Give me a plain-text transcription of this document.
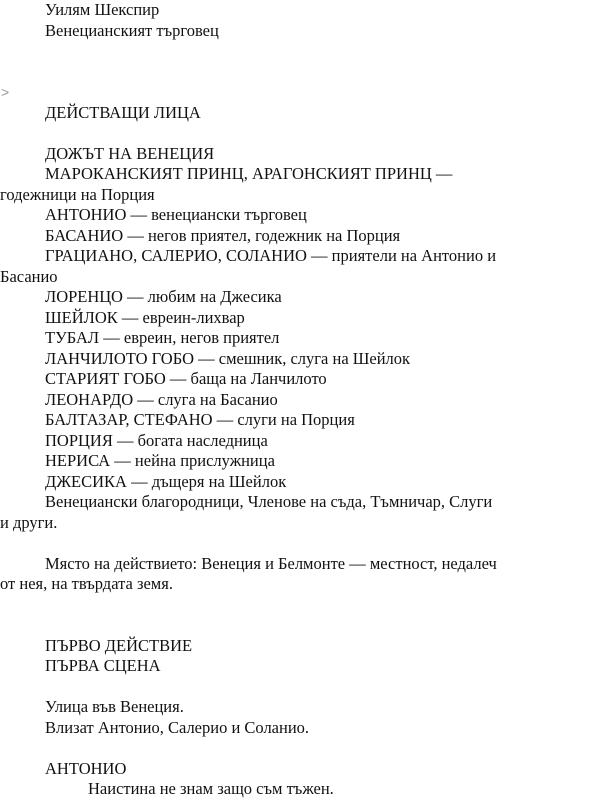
Уилям Шекспир
Венецианският търговец
>
ДЕЙСТВАЩИ ЛИЦА
ДОЖЪТ НА ВЕНЕЦИЯ
МАРОКАНСКИЯТ ПРИНЦ, АРАГОНСКИЯТ ПРИНЦ —
годежници на Порция
АНТОНИО — венециански търговец
БАСАНИО — негов приятел, годежник на Порция
ГРАЦИАНО, САЛЕРИО, СОЛАНИО — приятели на Антонио и
Басанио
ЛОРЕНЦО — любим на Джесика
ШЕЙЛОК — евреин-лихвар
ТУБАЛ — евреин, негов приятел
ЛАНЧИЛОТО ГОБО — смешник, слуга на Шейлок
СТАРИЯТ ГОБО — баща на Ланчилото
ЛЕОНАРДО — слуга на Басанио
БАЛТАЗАР, СТЕФАНО — слуги на Порция
ПОРЦИЯ — богата наследница
НЕРИСА — нейна прислужница
ДЖЕСИКА — дъщеря на Шейлок
Венециански благородници, Членове на съда, Тъмничар, Слуги
и други.
Място на действието: Венеция и Белмонте — местност, недалеч
от нея, на твърдата земя.
ПЪРВО ДЕЙСТВИЕ
ПЪРВА СЦЕНА
Улица във Венеция.
Влизат Антонио, Салерио и Соланио.
АНТОНИО
Наистина не знам защо съм тъжен.
